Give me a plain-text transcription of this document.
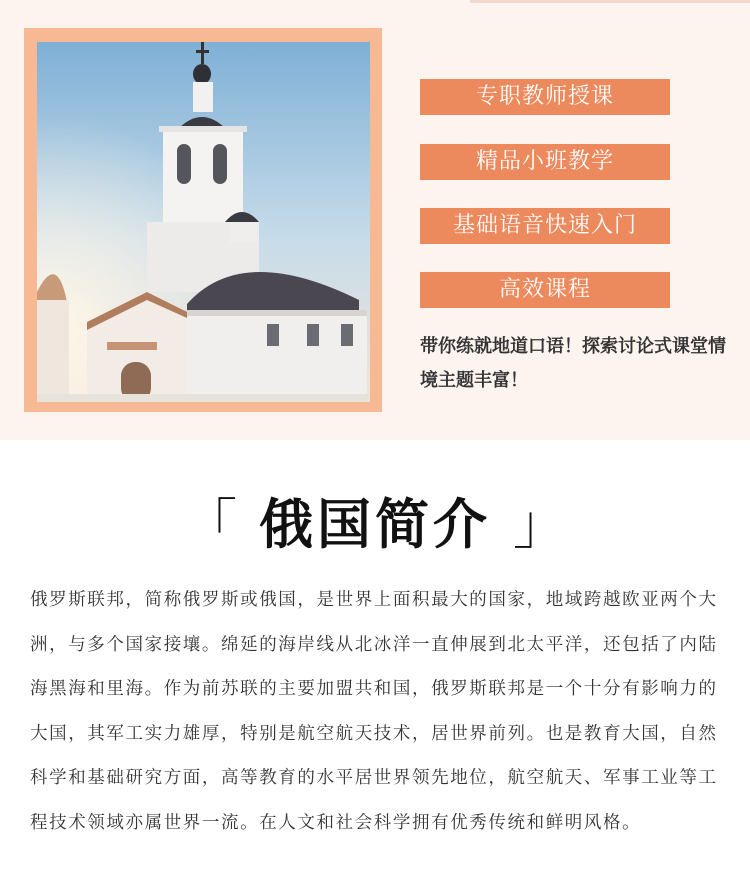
专职教师授课
精品小班教学
基础语音快速入门
高效课程

带你练就地道口语！探索讨论式课堂情境主题丰富！

「 俄国简介 」

俄罗斯联邦，简称俄罗斯或俄国，是世界上面积最大的国家，地域跨越欧亚两个大洲，与多个国家接壤。绵延的海岸线从北冰洋一直伸展到北太平洋，还包括了内陆海黑海和里海。作为前苏联的主要加盟共和国，俄罗斯联邦是一个十分有影响力的大国，其军工实力雄厚，特别是航空航天技术，居世界前列。也是教育大国，自然科学和基础研究方面，高等教育的水平居世界领先地位，航空航天、军事工业等工程技术领域亦属世界一流。在人文和社会科学拥有优秀传统和鲜明风格。
